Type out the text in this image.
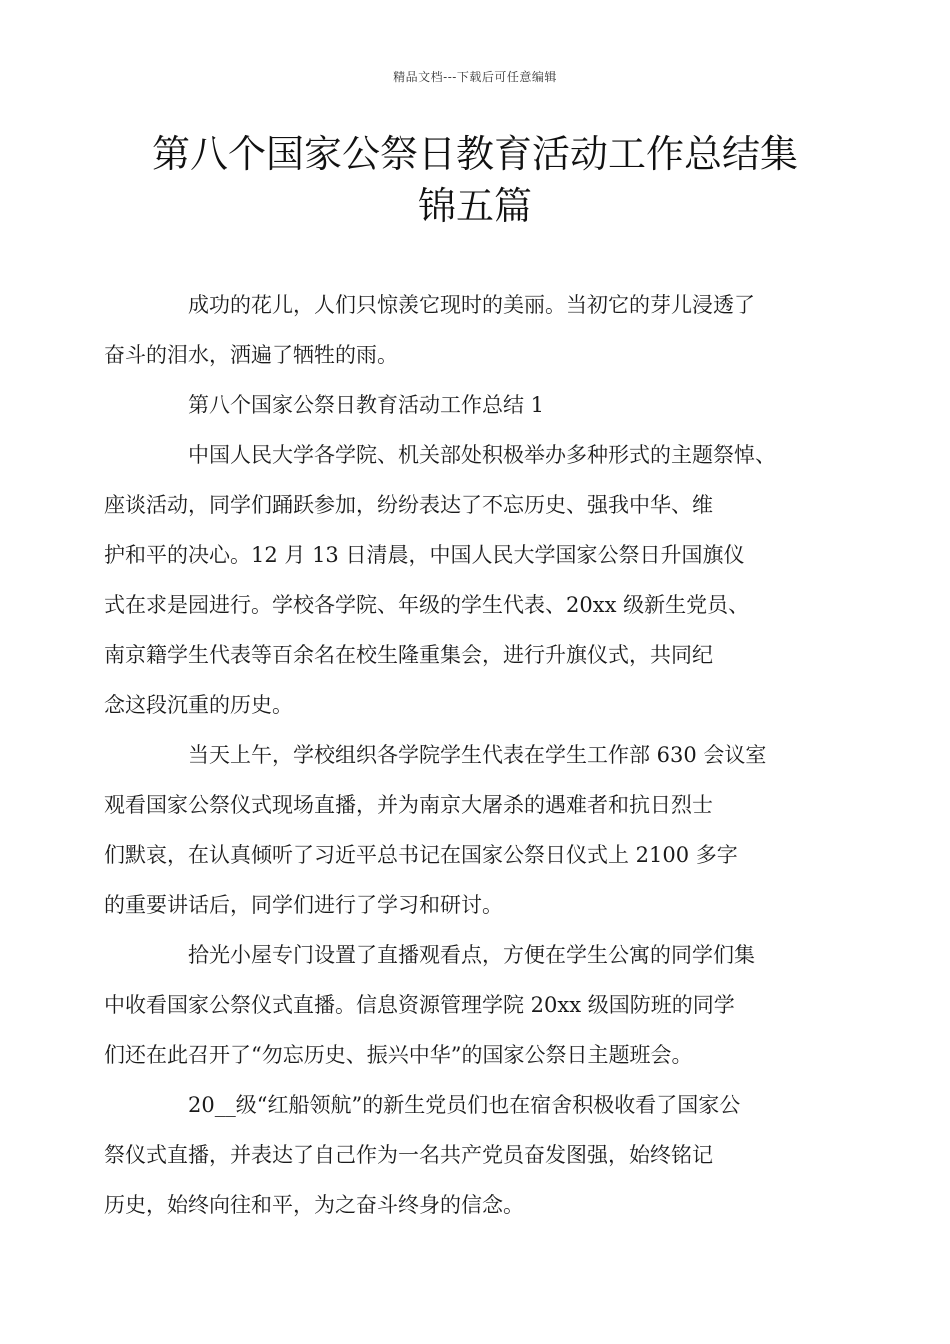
精品文档---下载后可任意编辑
第八个国家公祭日教育活动工作总结集
锦五篇

成功的花儿，人们只惊羡它现时的美丽。当初它的芽儿浸透了
奋斗的泪水，洒遍了牺牲的雨。

第八个国家公祭日教育活动工作总结 1

中国人民大学各学院、机关部处积极举办多种形式的主题祭悼、
座谈活动，同学们踊跃参加，纷纷表达了不忘历史、强我中华、维
护和平的决心。12 月 13 日清晨，中国人民大学国家公祭日升国旗仪
式在求是园进行。学校各学院、年级的学生代表、20xx 级新生党员、
南京籍学生代表等百余名在校生隆重集会，进行升旗仪式，共同纪
念这段沉重的历史。

当天上午，学校组织各学院学生代表在学生工作部 630 会议室
观看国家公祭仪式现场直播，并为南京大屠杀的遇难者和抗日烈士
们默哀，在认真倾听了习近平总书记在国家公祭日仪式上 2100 多字
的重要讲话后，同学们进行了学习和研讨。

拾光小屋专门设置了直播观看点，方便在学生公寓的同学们集
中收看国家公祭仪式直播。信息资源管理学院 20xx 级国防班的同学
们还在此召开了“勿忘历史、振兴中华”的国家公祭日主题班会。

20__级“红船领航”的新生党员们也在宿舍积极收看了国家公
祭仪式直播，并表达了自己作为一名共产党员奋发图强，始终铭记
历史，始终向往和平，为之奋斗终身的信念。
